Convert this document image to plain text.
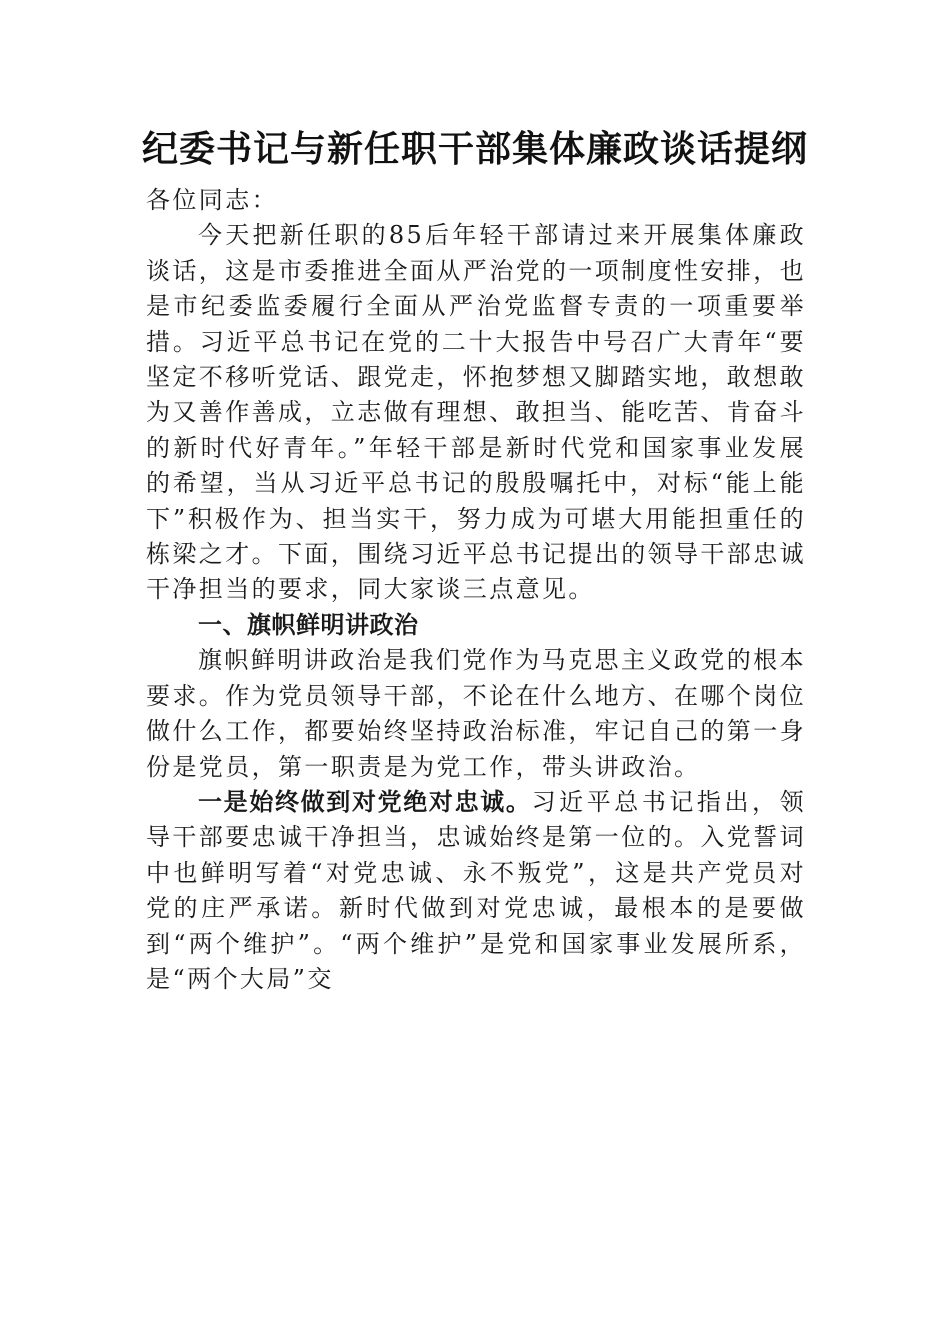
纪委书记与新任职干部集体廉政谈话提纲

各位同志：

今天把新任职的85后年轻干部请过来开展集体廉政谈话，这是市委推进全面从严治党的一项制度性安排，也是市纪委监委履行全面从严治党监督专责的一项重要举措。习近平总书记在党的二十大报告中号召广大青年“要坚定不移听党话、跟党走，怀抱梦想又脚踏实地，敢想敢为又善作善成，立志做有理想、敢担当、能吃苦、肯奋斗的新时代好青年。”年轻干部是新时代党和国家事业发展的希望，当从习近平总书记的殷殷嘱托中，对标“能上能下”积极作为、担当实干，努力成为可堪大用能担重任的栋梁之才。下面，围绕习近平总书记提出的领导干部忠诚干净担当的要求，同大家谈三点意见。

一、旗帜鲜明讲政治

旗帜鲜明讲政治是我们党作为马克思主义政党的根本要求。作为党员领导干部，不论在什么地方、在哪个岗位做什么工作，都要始终坚持政治标准，牢记自己的第一身份是党员，第一职责是为党工作，带头讲政治。

一是始终做到对党绝对忠诚。习近平总书记指出，领导干部要忠诚干净担当，忠诚始终是第一位的。入党誓词中也鲜明写着“对党忠诚、永不叛党”，这是共产党员对党的庄严承诺。新时代做到对党忠诚，最根本的是要做到“两个维护”。“两个维护”是党和国家事业发展所系，是“两个大局”交
